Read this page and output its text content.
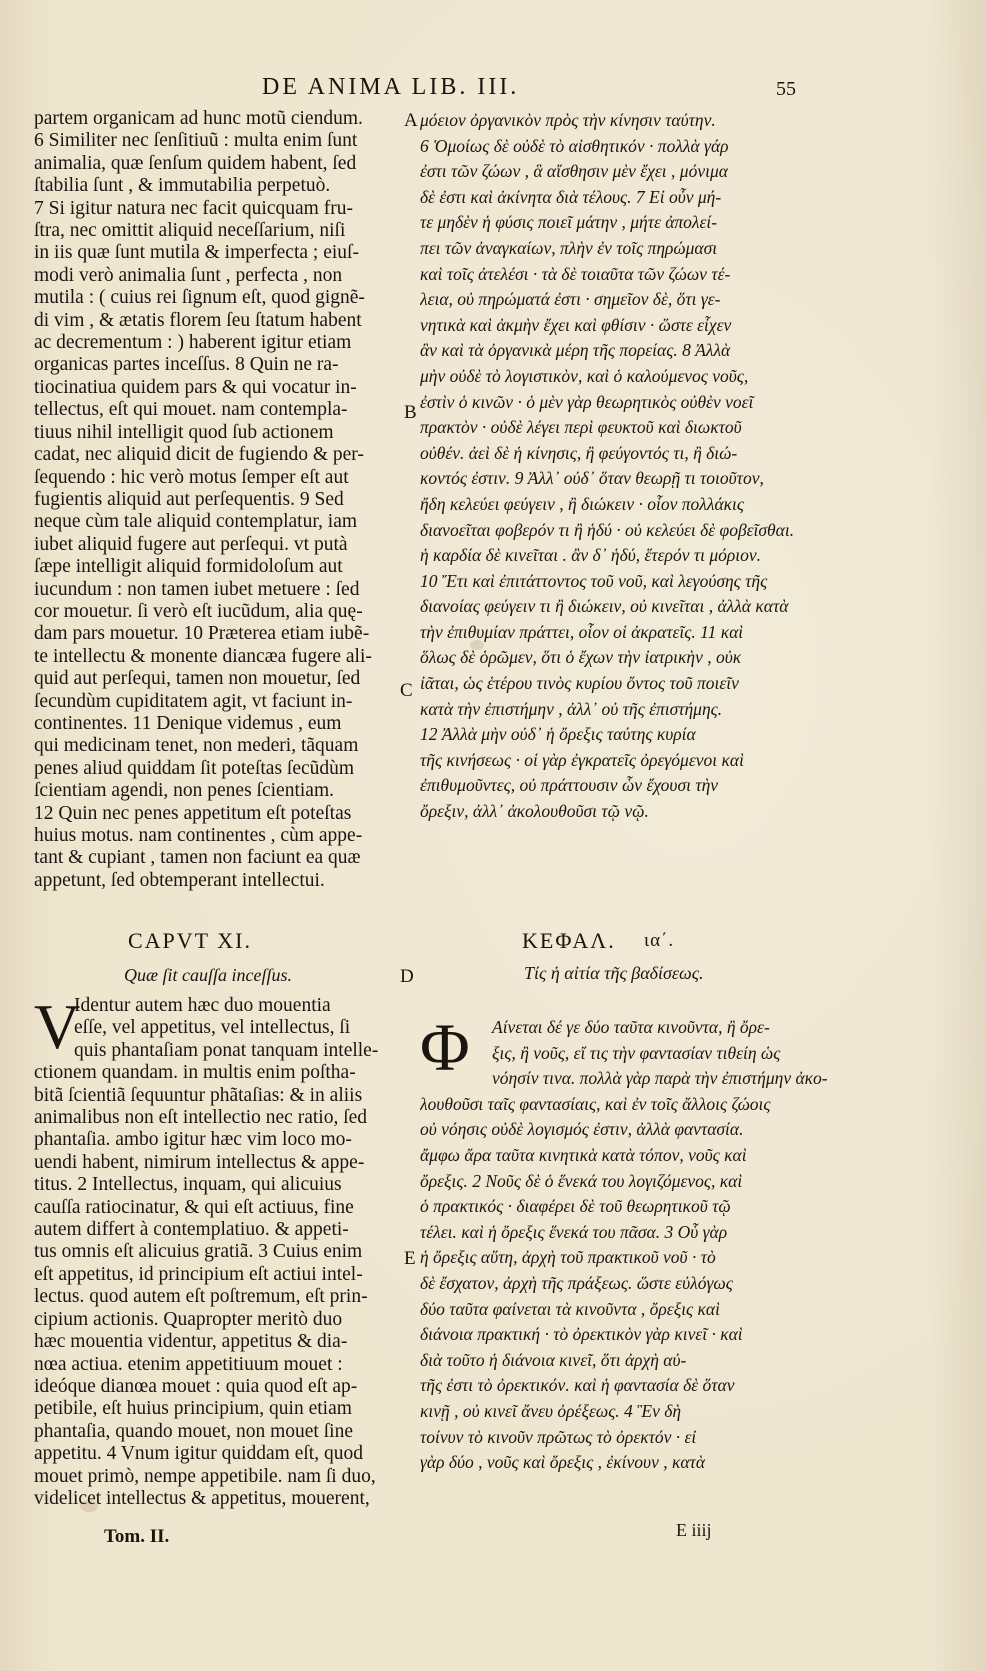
DE ANIMA LIB. III.	55
partem organicam ad hunc motũ ciendum.
6 Similiter nec ſenſitiuũ : multa enim ſunt
animalia, quæ ſenſum quidem habent, ſed
ſtabilia ſunt , & immutabilia perpetuò.
7 Si igitur natura nec facit quicquam fru-
ſtra, nec omittit aliquid neceſſarium, niſi
in iis quæ ſunt mutila & imperfecta ; eiuſ-
modi verò animalia ſunt , perfecta , non
mutila : ( cuius rei ſignum eſt, quod gignẽ-
di vim , & ætatis florem ſeu ſtatum habent
ac decrementum : ) haberent igitur etiam
organicas partes inceſſus. 8 Quin ne ra-
tiocinatiua quidem pars & qui vocatur in-
tellectus, eſt qui mouet. nam contempla-
tiuus nihil intelligit quod ſub actionem
cadat, nec aliquid dicit de fugiendo & per-
ſequendo : hic verò motus ſemper eſt aut
fugientis aliquid aut perſequentis. 9 Sed
neque cùm tale aliquid contemplatur, iam
iubet aliquid fugere aut perſequi. vt putà
ſæpe intelligit aliquid formidoloſum aut
iucundum : non tamen iubet metuere : ſed
cor mouetur. ſi verò eſt iucũdum, alia quę-
dam pars mouetur. 10 Præterea etiam iubẽ-
te intellectu & monente diancæa fugere ali-
quid aut perſequi, tamen non mouetur, ſed
ſecundùm cupiditatem agit, vt faciunt in-
continentes. 11 Denique videmus , eum
qui medicinam tenet, non mederi, tãquam
penes aliud quiddam ſit poteſtas ſecũdùm
ſcientiam agendi, non penes ſcientiam.
12 Quin nec penes appetitum eſt poteſtas
huius motus. nam continentes , cùm appe-
tant & cupiant , tamen non faciunt ea quæ
appetunt, ſed obtemperant intellectui.
μόειον ὀργανικὸν πρὸς τὴν κίνησιν ταύτην.
6 Ὁμοίως δὲ οὐδὲ τὸ αἰσθητικόν · πολλὰ γάρ
ἐστι τῶν ζώων , ἃ αἴσθησιν μὲν ἔχει , μόνιμα
δὲ ἐστι καὶ ἀκίνητα διὰ τέλους. 7 Εἰ οὖν μή-
τε μηδὲν ἡ φύσις ποιεῖ μάτην , μήτε ἀπολεί-
πει τῶν ἀναγκαίων, πλὴν ἐν τοῖς πηρώμασι
καὶ τοῖς ἀτελέσι · τὰ δὲ τοιαῦτα τῶν ζώων τέ-
λεια, οὐ πηρώματά ἐστι · σημεῖον δὲ, ὅτι γε-
νητικὰ καὶ ἀκμὴν ἔχει καὶ φθίσιν · ὥστε εἶχεν
ἂν καὶ τὰ ὀργανικὰ μέρη τῆς πορείας. 8 Ἀλλὰ
μὴν οὐδὲ τὸ λογιστικὸν, καὶ ὁ καλούμενος νοῦς,
ἐστὶν ὁ κινῶν · ὁ μὲν γὰρ θεωρητικὸς οὐθὲν νοεῖ
πρακτὸν · οὐδὲ λέγει περὶ φευκτοῦ καὶ διωκτοῦ
οὐθέν. ἀεὶ δὲ ἡ κίνησις, ἢ φεύγοντός τι, ἢ διώ-
κοντός ἐστιν. 9 Ἀλλ᾽ οὐδ᾽ ὅταν θεωρῇ τι τοιοῦτον,
ἤδη κελεύει φεύγειν , ἢ διώκειν · οἷον πολλάκις
διανοεῖται φοβερόν τι ἢ ἡδύ · οὐ κελεύει δὲ φοβεῖσθαι.
ἡ καρδία δὲ κινεῖται . ἂν δ᾽ ἡδύ, ἕτερόν τι μόριον.
10 Ἔτι καὶ ἐπιτάττοντος τοῦ νοῦ, καὶ λεγούσης τῆς
διανοίας φεύγειν τι ἢ διώκειν, οὐ κινεῖται , ἀλλὰ κατὰ
τὴν ἐπιθυμίαν πράττει, οἷον οἱ ἀκρατεῖς. 11 καὶ
ὅλως δὲ ὁρῶμεν, ὅτι ὁ ἔχων τὴν ἰατρικὴν , οὐκ
ἰᾶται, ὡς ἑτέρου τινὸς κυρίου ὄντος τοῦ ποιεῖν
κατὰ τὴν ἐπιστήμην , ἀλλ᾽ οὐ τῆς ἐπιστήμης.
12 Ἀλλὰ μὴν οὐδ᾽ ἡ ὄρεξις ταύτης κυρία
τῆς κινήσεως · οἱ γὰρ ἐγκρατεῖς ὀρεγόμενοι καὶ
ἐπιθυμοῦντες, οὐ πράττουσιν ὧν ἔχουσι τὴν
ὄρεξιν, ἀλλ᾽ ἀκολουθοῦσι τῷ νῷ.
A
B
C
D
E
CAPVT XI.
Quæ ſit cauſſa inceſſus.
ΚΕΦΑΛ. ια΄.
Τίς ἡ αἰτία τῆς βαδίσεως.
V
Identur autem hæc duo mouentia
eſſe, vel appetitus, vel intellectus, ſi
quis phantaſiam ponat tanquam intelle-
ctionem quandam. in multis enim poſtha-
bitã ſcientiã ſequuntur phãtaſias: & in aliis
animalibus non eſt intellectio nec ratio, ſed
phantaſia. ambo igitur hæc vim loco mo-
uendi habent, nimirum intellectus & appe-
titus. 2 Intellectus, inquam, qui alicuius
cauſſa ratiocinatur, & qui eſt actiuus, fine
autem differt à contemplatiuo. & appeti-
tus omnis eſt alicuius gratiã. 3 Cuius enim
eſt appetitus, id principium eſt actiui intel-
lectus. quod autem eſt poſtremum, eſt prin-
cipium actionis. Quapropter meritò duo
hæc mouentia videntur, appetitus & dia-
nœa actiua. etenim appetitiuum mouet :
ideóque dianœa mouet : quia quod eſt ap-
petibile, eſt huius principium, quin etiam
phantaſia, quando mouet, non mouet ſine
appetitu. 4 Vnum igitur quiddam eſt, quod
mouet primò, nempe appetibile. nam ſi duo,
videlicet intellectus & appetitus, mouerent,
Φ	Αίνεται δέ γε δύο ταῦτα κινοῦντα, ἢ ὄρε-
ξις, ἢ νοῦς, εἴ τις τὴν φαντασίαν τιθείη ὡς
νόησίν τινα. πολλὰ γὰρ παρὰ τὴν ἐπιστήμην ἀκο-
λουθοῦσι ταῖς φαντασίαις, καὶ ἐν τοῖς ἄλλοις ζώοις
οὐ νόησις οὐδὲ λογισμός ἐστιν, ἀλλὰ φαντασία.
ἄμφω ἄρα ταῦτα κινητικὰ κατὰ τόπον, νοῦς καὶ
ὄρεξις. 2 Νοῦς δὲ ὁ ἕνεκά του λογιζόμενος, καὶ
ὁ πρακτικός · διαφέρει δὲ τοῦ θεωρητικοῦ τῷ
τέλει. καὶ ἡ ὄρεξις ἕνεκά του πᾶσα. 3 Οὗ γὰρ
ἡ ὄρεξις αὕτη, ἀρχὴ τοῦ πρακτικοῦ νοῦ · τὸ
δὲ ἔσχατον, ἀρχὴ τῆς πράξεως. ὥστε εὐλόγως
δύο ταῦτα φαίνεται τὰ κινοῦντα , ὄρεξις καὶ
διάνοια πρακτική · τὸ ὀρεκτικὸν γὰρ κινεῖ · καὶ
διὰ τοῦτο ἡ διάνοια κινεῖ, ὅτι ἀρχὴ αὐ-
τῆς ἐστι τὸ ὀρεκτικόν. καὶ ἡ φαντασία δὲ ὅταν
κινῇ , οὐ κινεῖ ἄνευ ὀρέξεως. 4 Ἓν δὴ
τοίνυν τὸ κινοῦν πρῶτως τὸ ὀρεκτόν · εἰ
γὰρ δύο , νοῦς καὶ ὄρεξις , ἐκίνουν , κατὰ
Tom. II.	E iiij
